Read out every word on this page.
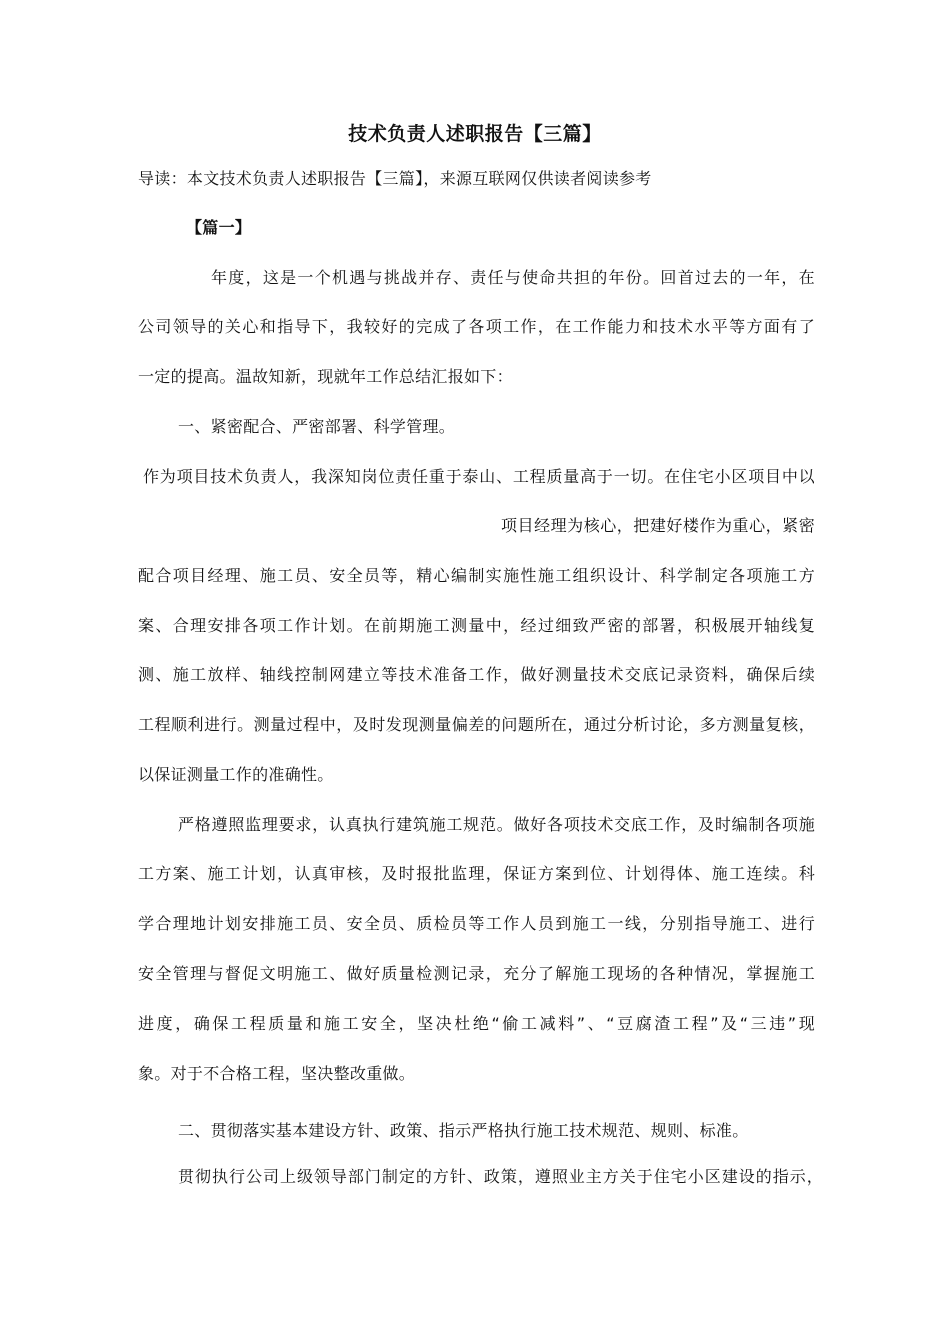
技术负责人述职报告【三篇】
导读：本文技术负责人述职报告【三篇】，来源互联网仅供读者阅读参考
【篇一】
年度，这是一个机遇与挑战并存、责任与使命共担的年份。回首过去的一年，在
公司领导的关心和指导下，我较好的完成了各项工作，在工作能力和技术水平等方面有了
一定的提高。温故知新，现就年工作总结汇报如下：
一、紧密配合、严密部署、科学管理。
作为项目技术负责人，我深知岗位责任重于泰山、工程质量高于一切。在住宅小区项目中以
项目经理为核心，把建好楼作为重心，紧密
配合项目经理、施工员、安全员等，精心编制实施性施工组织设计、科学制定各项施工方
案、合理安排各项工作计划。在前期施工测量中，经过细致严密的部署，积极展开轴线复
测、施工放样、轴线控制网建立等技术准备工作，做好测量技术交底记录资料，确保后续
工程顺利进行。测量过程中，及时发现测量偏差的问题所在，通过分析讨论，多方测量复核，
以保证测量工作的准确性。
严格遵照监理要求，认真执行建筑施工规范。做好各项技术交底工作，及时编制各项施
工方案、施工计划，认真审核，及时报批监理，保证方案到位、计划得体、施工连续。科
学合理地计划安排施工员、安全员、质检员等工作人员到施工一线，分别指导施工、进行
安全管理与督促文明施工、做好质量检测记录，充分了解施工现场的各种情况，掌握施工
进度，确保工程质量和施工安全，坚决杜绝“偷工减料”、“豆腐渣工程”及“三违”现
象。对于不合格工程，坚决整改重做。
二、贯彻落实基本建设方针、政策、指示严格执行施工技术规范、规则、标准。
贯彻执行公司上级领导部门制定的方针、政策，遵照业主方关于住宅小区建设的指示，
